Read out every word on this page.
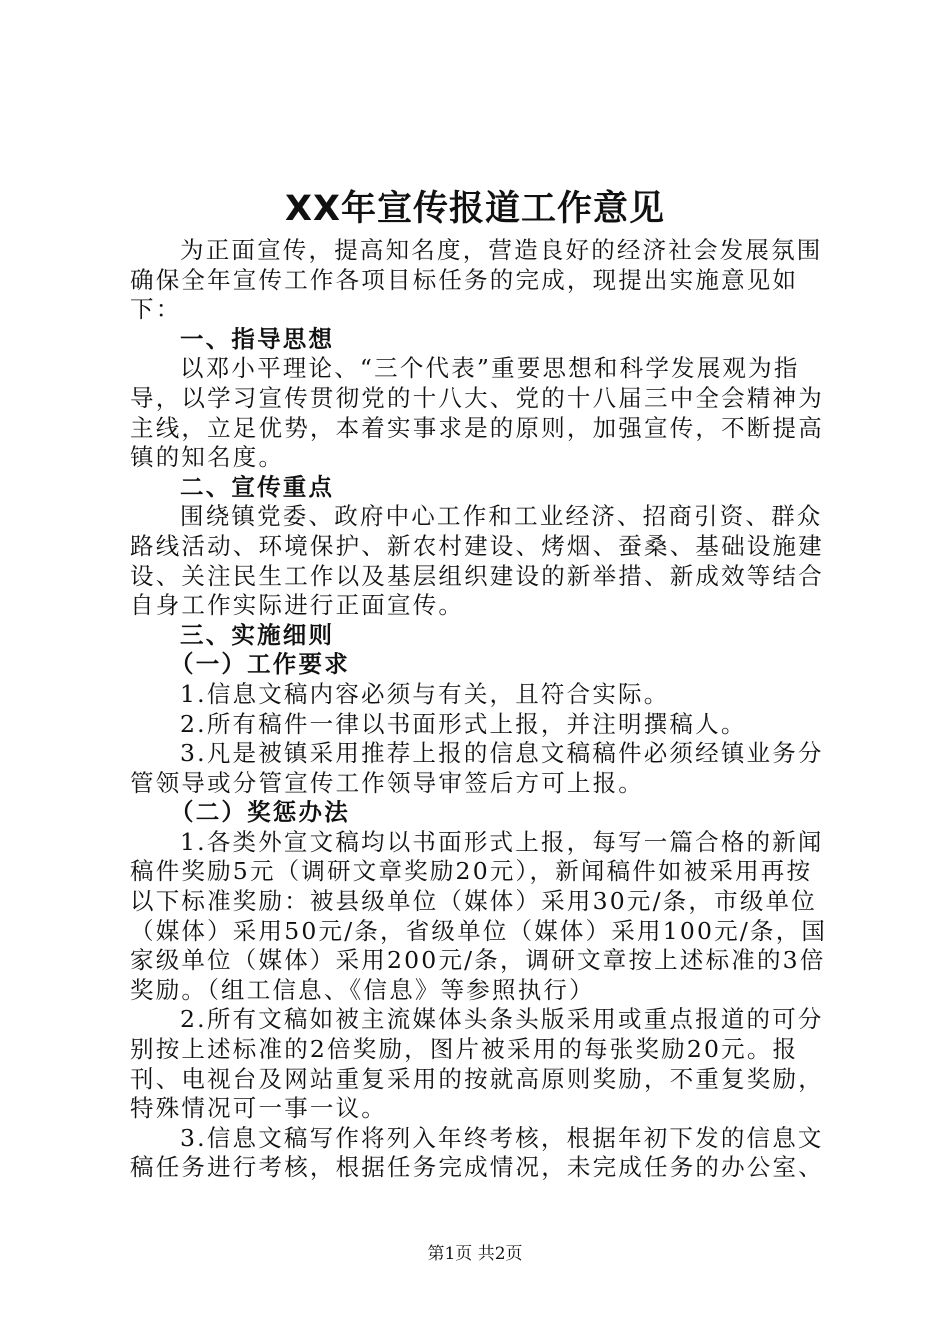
XX年宣传报道工作意见

为正面宣传，提高知名度，营造良好的经济社会发展氛围确保全年宣传工作各项目标任务的完成，现提出实施意见如下：

一、指导思想

以邓小平理论、“三个代表”重要思想和科学发展观为指导，以学习宣传贯彻党的十八大、党的十八届三中全会精神为主线，立足优势，本着实事求是的原则，加强宣传，不断提高镇的知名度。

二、宣传重点

围绕镇党委、政府中心工作和工业经济、招商引资、群众路线活动、环境保护、新农村建设、烤烟、蚕桑、基础设施建设、关注民生工作以及基层组织建设的新举措、新成效等结合自身工作实际进行正面宣传。

三、实施细则

（一）工作要求

1.信息文稿内容必须与有关，且符合实际。

2.所有稿件一律以书面形式上报，并注明撰稿人。

3.凡是被镇采用推荐上报的信息文稿稿件必须经镇业务分管领导或分管宣传工作领导审签后方可上报。

（二）奖惩办法

1.各类外宣文稿均以书面形式上报，每写一篇合格的新闻稿件奖励5元（调研文章奖励20元），新闻稿件如被采用再按以下标准奖励：被县级单位（媒体）采用30元/条，市级单位（媒体）采用50元/条，省级单位（媒体）采用100元/条，国家级单位（媒体）采用200元/条，调研文章按上述标准的3倍奖励。（组工信息、《信息》等参照执行）

2.所有文稿如被主流媒体头条头版采用或重点报道的可分别按上述标准的2倍奖励，图片被采用的每张奖励20元。报刊、电视台及网站重复采用的按就高原则奖励，不重复奖励，特殊情况可一事一议。

3.信息文稿写作将列入年终考核，根据年初下发的信息文稿任务进行考核，根据任务完成情况，未完成任务的办公室、

第1页 共2页
